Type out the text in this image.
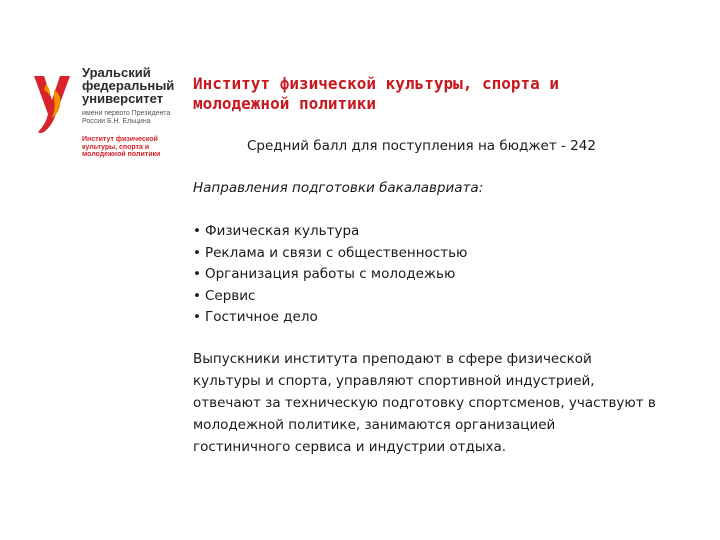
Уральский
федеральный
университет
имени первого Президента
России Б.Н. Ельцина
Институт физической
культуры, спорта и
молодежной политики
Институт физической культуры, спорта и
молодежной политики

Средний балл для поступления на бюджет - 242

Направления подготовки бакалавриата:

• Физическая культура
• Реклама и связи с общественностью
• Организация работы с молодежью
• Сервис
• Гостичное дело

Выпускники института преподают в сфере физической
культуры и спорта, управляют спортивной индустрией,
отвечают за техническую подготовку спортсменов, участвуют в
молодежной политике, занимаются организацией
гостиничного сервиса и индустрии отдыха.
